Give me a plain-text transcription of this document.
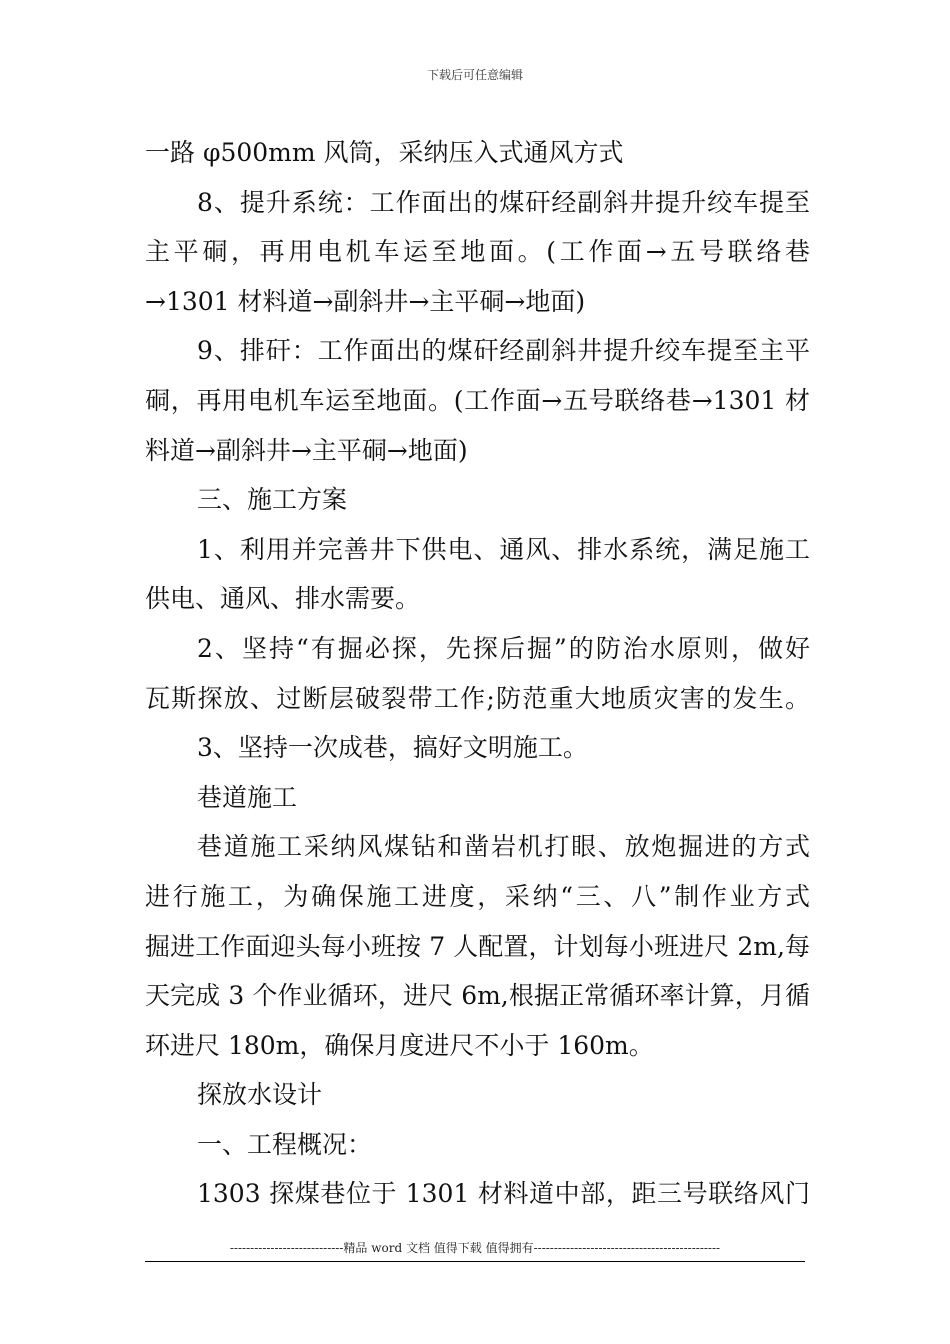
下载后可任意编辑
一路 φ500mm 风筒，采纳压入式通风方式
8、提升系统：工作面出的煤矸经副斜井提升绞车提至
主平硐，再用电机车运至地面。(工作面→五号联络巷
→1301 材料道→副斜井→主平硐→地面)
9、排矸：工作面出的煤矸经副斜井提升绞车提至主平
硐，再用电机车运至地面。(工作面→五号联络巷→1301 材
料道→副斜井→主平硐→地面)
三、施工方案
1、利用并完善井下供电、通风、排水系统，满足施工
供电、通风、排水需要。
2、坚持“有掘必探，先探后掘”的防治水原则，做好
瓦斯探放、过断层破裂带工作;防范重大地质灾害的发生。
3、坚持一次成巷，搞好文明施工。
巷道施工
巷道施工采纳风煤钻和凿岩机打眼、放炮掘进的方式
进行施工，为确保施工进度，采纳“三、八”制作业方式
掘进工作面迎头每小班按 7 人配置，计划每小班进尺 2m,每
天完成 3 个作业循环，进尺 6m,根据正常循环率计算，月循
环进尺 180m，确保月度进尺不小于 160m。
探放水设计
一、工程概况：
1303 探煤巷位于 1301 材料道中部，距三号联络风门
----------------------------精品 word 文档 值得下载 值得拥有----------------------------------------------
